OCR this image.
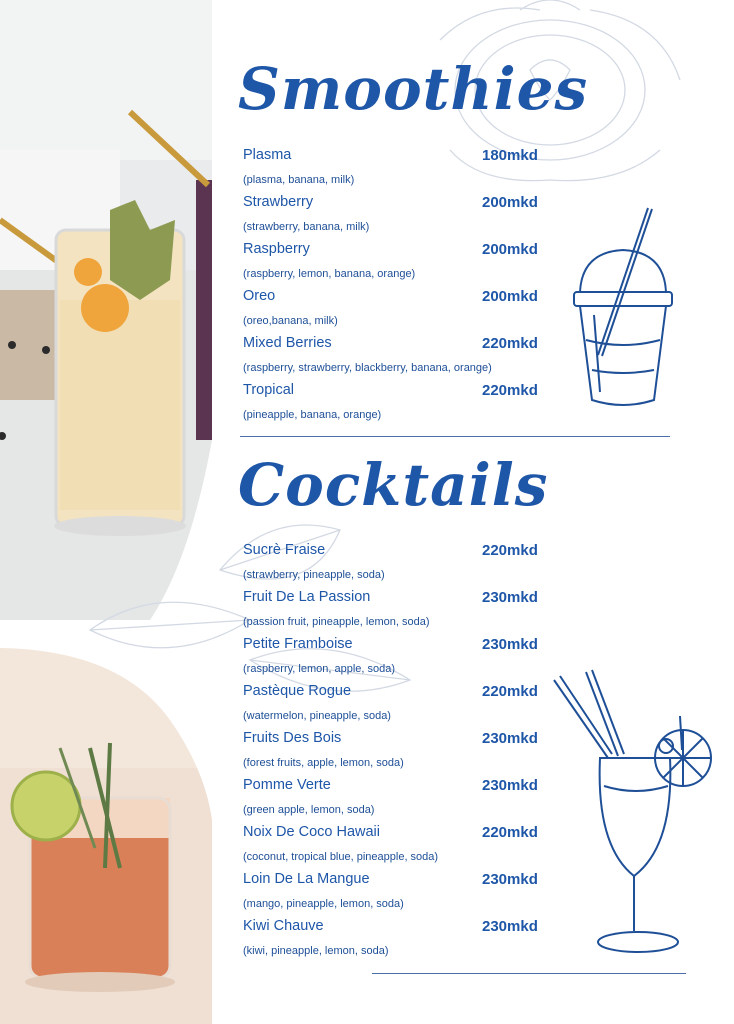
Smoothies

Plasma	180mkd

(plasma, banana, milk)

Strawberry	200mkd

(strawberry, banana, milk)

Raspberry	200mkd

(raspberry, lemon, banana, orange)

Oreo	200mkd

(oreo,banana, milk)

Mixed Berries	220mkd

(raspberry, strawberry, blackberry, banana, orange)

Tropical	220mkd

(pineapple, banana, orange)

Cocktails

Sucrè Fraise	220mkd

(strawberry, pineapple, soda)

Fruit De La Passion	230mkd

(passion fruit, pineapple, lemon, soda)

Petite Framboise	230mkd

(raspberry, lemon, apple, soda)

Pastèque Rogue	220mkd

(watermelon, pineapple, soda)

Fruits Des Bois	230mkd

(forest fruits, apple, lemon, soda)

Pomme Verte	230mkd

(green apple, lemon, soda)

Noix De Coco Hawaii	220mkd

(coconut, tropical blue, pineapple, soda)

Loin De La Mangue	230mkd

(mango, pineapple, lemon, soda)

Kiwi Chauve	230mkd

(kiwi, pineapple, lemon, soda)
